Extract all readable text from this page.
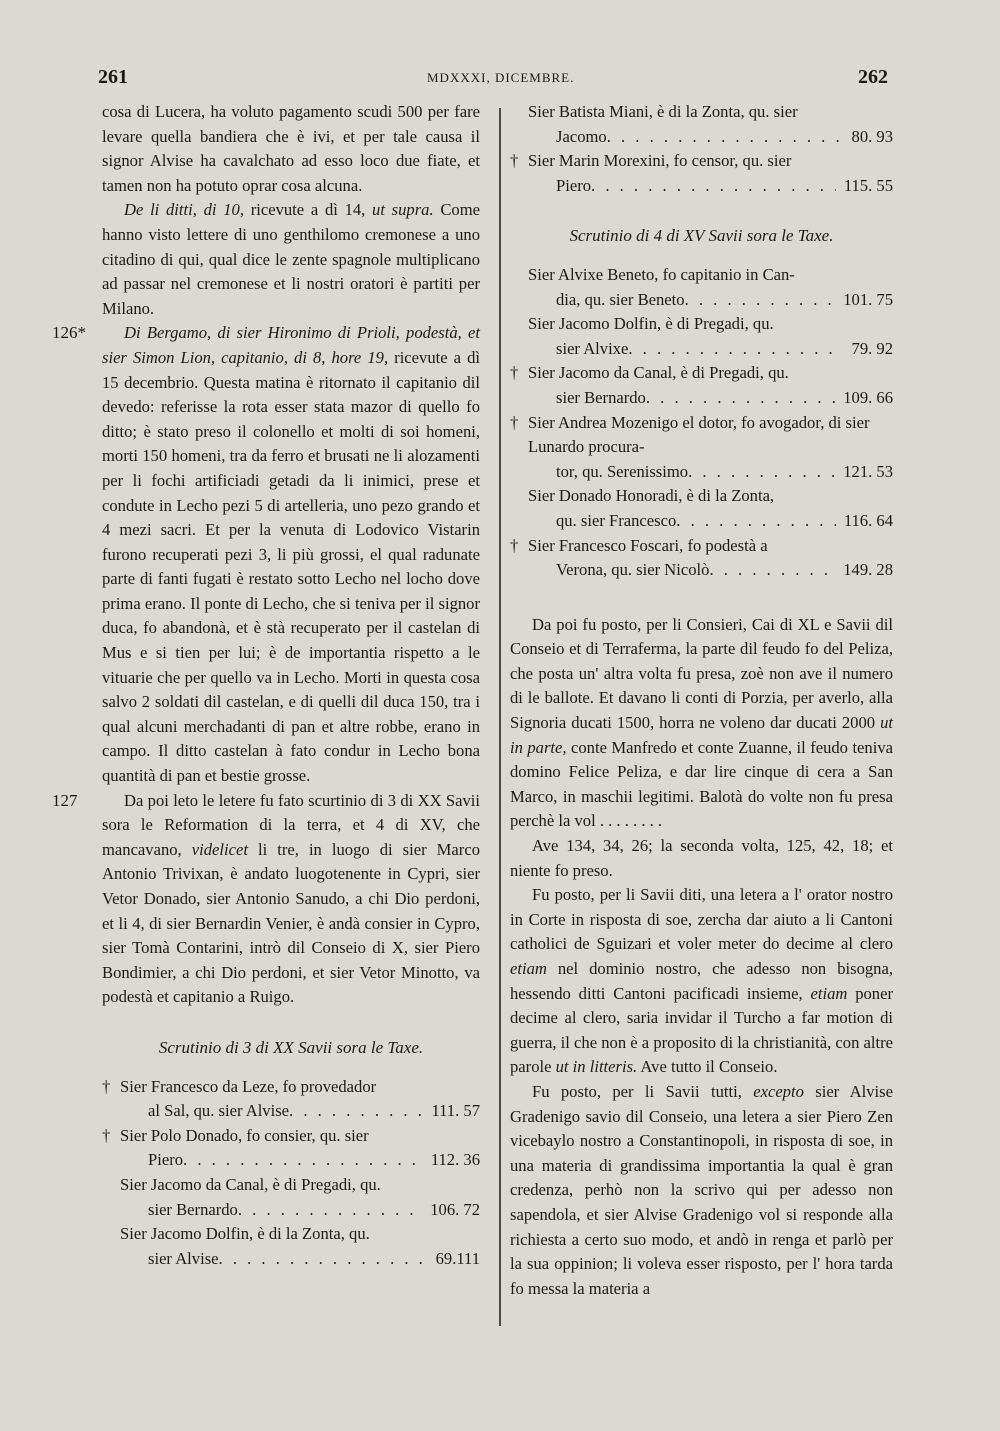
261	MDXXXI, DICEMBRE.	262

cosa di Lucera, ha voluto pagamento scudi 500 per fare levare quella bandiera che è ivi, et per tale causa il signor Alvise ha cavalchato ad esso loco due fiate, et tamen non ha potuto oprar cosa alcuna.

De li ditti, di 10, ricevute a dì 14, ut supra. Come hanno visto lettere di uno genthilomo cremonese a uno citadino di qui, qual dice le zente spagnole multiplicano ad passar nel cremonese et li nostri oratori è partiti per Milano.

126* Di Bergamo, di sier Hironimo di Prioli, podestà, et sier Simon Lion, capitanio, di 8, hore 19, ricevute a dì 15 decembrio. Questa matina è ritornato il capitanio dil devedo: referisse la rota esser stata mazor di quello fo ditto; è stato preso il colonello et molti di soi homeni, morti 150 homeni, tra da ferro et brusati ne li alozamenti per li fochi artificiadi getadi da li inimici, prese et condute in Lecho pezi 5 di artelleria, uno pezo grando et 4 mezi sacri. Et per la venuta di Lodovico Vistarin furono recuperati pezi 3, li più grossi, el qual radunate parte di fanti fugati è restato sotto Lecho nel locho dove prima erano. Il ponte di Lecho, che si teniva per il signor duca, fo abandonà, et è stà recuperato per il castelan di Mus e si tien per lui; è de importantia rispetto a le vituarie che per quello va in Lecho. Morti in questa cosa salvo 2 soldati dil castelan, e di quelli dil duca 150, tra i qual alcuni merchadanti di pan et altre robbe, erano in campo. Il ditto castelan à fato condur in Lecho bona quantità di pan et bestie grosse.

127	Da poi leto le letere fu fato scurtinio di 3 di XX Savii sora le Reformation di la terra, et 4 di XV, che mancavano, videlicet li tre, in luogo di sier Marco Antonio Trivixan, è andato luogotenente in Cypri, sier Vetor Donado, sier Antonio Sanudo, a chi Dio perdoni, et li 4, di sier Bernardin Venier, è andà consier in Cypro, sier Tomà Contarini, intrò dil Conseio di X, sier Piero Bondimier, a chi Dio perdoni, et sier Vetor Minotto, va podestà et capitanio a Ruigo.

Scrutinio di 3 di XX Savii sora le Taxe.
† Sier Francesco da Leze, fo provedador
al Sal, qu. sier Alvise . . .	111. 57
† Sier Polo Donado, fo consier, qu. sier
Piero . . .	112. 36
Sier Jacomo da Canal, è di Pregadi, qu.
sier Bernardo . . .	106. 72
Sier Jacomo Dolfin, è di la Zonta, qu.
sier Alvise . . .	69.111
Sier Batista Miani, è di la Zonta, qu. sier
Jacomo . . .	80. 93
† Sier Marin Morexini, fo censor, qu. sier
Piero . . .	115. 55
Scrutinio di 4 di XV Savii sora le Taxe.
Sier Alvixe Beneto, fo capitanio in Can-
dia, qu. sier Beneto . . .	101. 75
Sier Jacomo Dolfin, è di Pregadi, qu.
sier Alvixe . . .	79. 92
† Sier Jacomo da Canal, è di Pregadi, qu.
sier Bernardo . . .	109. 66
† Sier Andrea Mozenigo el dotor, fo avogador, di sier Lunardo procura-
tor, qu. Serenissimo . . .	121. 53
Sier Donado Honoradi, è di la Zonta,
qu. sier Francesco . . .	116. 64
† Sier Francesco Foscari, fo podestà a
Verona, qu. sier Nicolò . . .	149. 28

Da poi fu posto, per li Consieri, Cai di XL e Savii dil Conseio et di Terraferma, la parte dil feudo fo del Peliza, che posta un' altra volta fu presa, zoè non ave il numero di le ballote. Et davano li conti di Porzia, per averlo, alla Signoria ducati 1500, horra ne voleno dar ducati 2000 ut in parte, conte Manfredo et conte Zuanne, il feudo teniva domino Felice Peliza, e dar lire cinque di cera a San Marco, in maschii legitimi. Balotà do volte non fu presa perchè la vol . . . . . . . .

Ave 134, 34, 26; la seconda volta, 125, 42, 18; et niente fo preso.

Fu posto, per li Savii diti, una letera a l' orator nostro in Corte in risposta di soe, zercha dar aiuto a li Cantoni catholici de Sguizari et voler meter do decime al clero etiam nel dominio nostro, che adesso non bisogna, hessendo ditti Cantoni pacificadi insieme, etiam poner decime al clero, saria invidar il Turcho a far motion di guerra, il che non è a proposito di la christianità, con altre parole ut in litteris. Ave tutto il Conseio.

Fu posto, per li Savii tutti, excepto sier Alvise Gradenigo savio dil Conseio, una letera a sier Piero Zen vicebaylo nostro a Constantinopoli, in risposta di soe, in una materia di grandissima importantia la qual è gran credenza, perhò non la scrivo qui per adesso non sapendola, et sier Alvise Gradenigo vol si responde alla richiesta a certo suo modo, et andò in renga et parlò per la sua oppinion; li voleva esser risposto, per l' hora tarda fo messa la materia a
